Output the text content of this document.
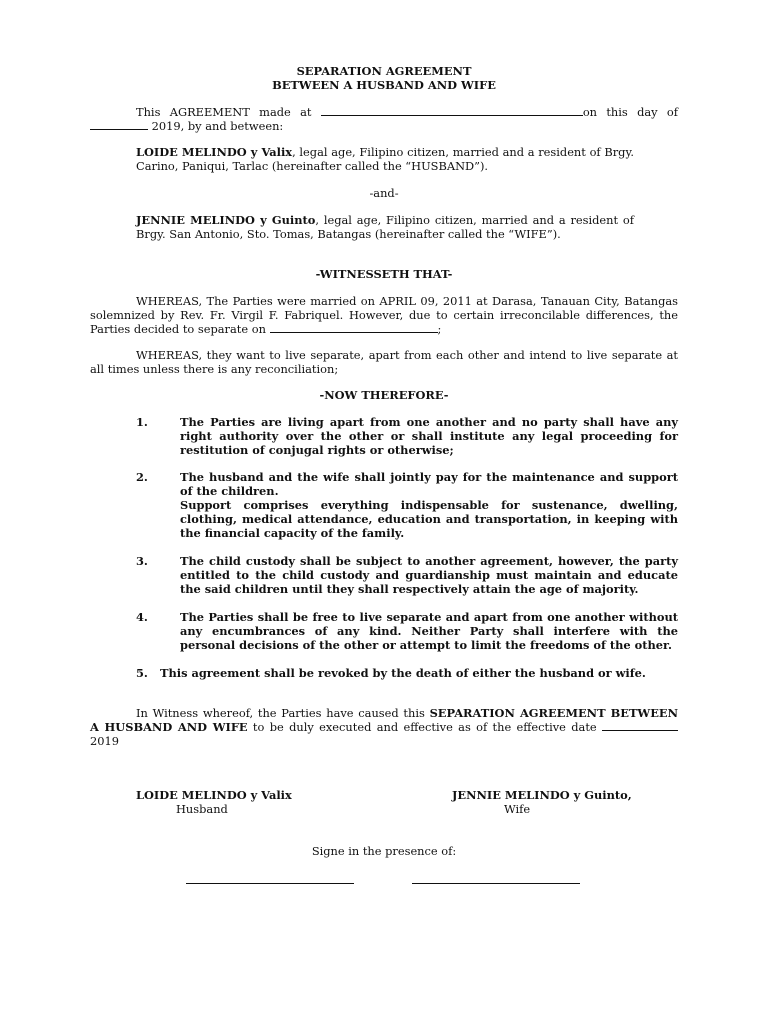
SEPARATION AGREEMENT

BETWEEN A HUSBAND AND WIFE

This AGREEMENT made at	on this day of  2019, by and between:

LOIDE MELINDO y Valix, legal age, Filipino citizen, married and a resident of Brgy. Carino, Paniqui, Tarlac (hereinafter called the “HUSBAND”).

-and-

JENNIE MELINDO y Guinto, legal age, Filipino citizen, married and a resident of Brgy. San Antonio, Sto. Tomas, Batangas (hereinafter called the “WIFE”).

-WITNESSETH THAT-

WHEREAS, The Parties were married on APRIL 09, 2011 at Darasa, Tanauan City, Batangas solemnized by Rev. Fr. Virgil F. Fabriquel. However, due to certain irreconcilable differences, the Parties decided to separate on	;

WHEREAS, they want to live separate, apart from each other and intend to live separate at all times unless there is any reconciliation;

-NOW THEREFORE-

1.	The Parties are living apart from one another and no party shall have any right authority over the other or shall institute any legal proceeding for restitution of conjugal rights or otherwise;
2.	The husband and the wife shall jointly pay for the maintenance and support of the children.
Support comprises everything indispensable for sustenance, dwelling, clothing, medical attendance, education and transportation, in keeping with the financial capacity of the family.
3.	The child custody shall be subject to another agreement, however, the party entitled to the child custody and guardianship must maintain and educate the said children until they shall respectively attain the age of majority.
4.	The Parties shall be free to live separate and apart from one another without any encumbrances of any kind. Neither Party shall interfere with the personal decisions of the other or attempt to limit the freedoms of the other.
5.	This agreement shall be revoked by the death of either the husband or wife.

In Witness whereof, the Parties have caused this SEPARATION AGREEMENT BETWEEN A HUSBAND AND WIFE to be duly executed and effective as of the effective date  2019

LOIDE MELINDO y Valix
Husband
JENNIE MELINDO y Guinto,
Wife

Signe in the presence of:
